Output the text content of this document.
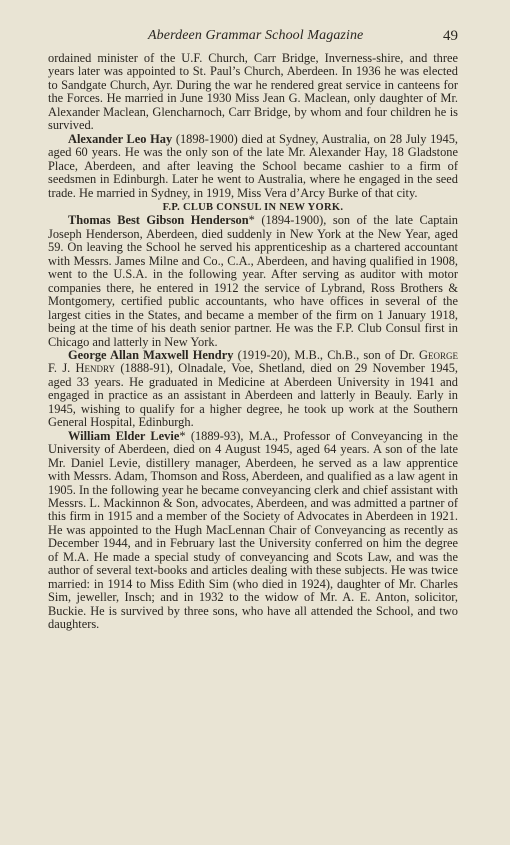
Aberdeen Grammar School Magazine	49

ordained minister of the U.F. Church, Carr Bridge, Inverness-shire, and three years later was appointed to St. Paul’s Church, Aberdeen. In 1936 he was elected to Sandgate Church, Ayr. During the war he rendered great service in canteens for the Forces. He married in June 1930 Miss Jean G. Maclean, only daughter of Mr. Alexander Maclean, Glencharnoch, Carr Bridge, by whom and four children he is survived.

Alexander Leo Hay (1898-1900) died at Sydney, Australia, on 28 July 1945, aged 60 years. He was the only son of the late Mr. Alexander Hay, 18 Gladstone Place, Aberdeen, and after leaving the School became cashier to a firm of seedsmen in Edinburgh. Later he went to Australia, where he engaged in the seed trade. He married in Sydney, in 1919, Miss Vera d’Arcy Burke of that city.

F.P. CLUB CONSUL IN NEW YORK.

Thomas Best Gibson Henderson* (1894-1900), son of the late Captain Joseph Henderson, Aberdeen, died suddenly in New York at the New Year, aged 59. On leaving the School he served his apprenticeship as a chartered accountant with Messrs. James Milne and Co., C.A., Aberdeen, and having qualified in 1908, went to the U.S.A. in the following year. After serving as auditor with motor companies there, he entered in 1912 the service of Lybrand, Ross Brothers & Montgomery, certified public accountants, who have offices in several of the largest cities in the States, and became a member of the firm on 1 January 1918, being at the time of his death senior partner. He was the F.P. Club Consul first in Chicago and latterly in New York.

George Allan Maxwell Hendry (1919-20), M.B., Ch.B., son of Dr. George F. J. Hendry (1888-91), Olnadale, Voe, Shetland, died on 29 November 1945, aged 33 years. He graduated in Medicine at Aberdeen University in 1941 and engaged in practice as an assistant in Aberdeen and latterly in Beauly. Early in 1945, wishing to qualify for a higher degree, he took up work at the Southern General Hospital, Edinburgh.

William Elder Levie* (1889-93), M.A., Professor of Conveyancing in the University of Aberdeen, died on 4 August 1945, aged 64 years. A son of the late Mr. Daniel Levie, distillery manager, Aberdeen, he served as a law apprentice with Messrs. Adam, Thomson and Ross, Aberdeen, and qualified as a law agent in 1905. In the following year he became conveyancing clerk and chief assistant with Messrs. L. Mackinnon & Son, advocates, Aberdeen, and was admitted a partner of this firm in 1915 and a member of the Society of Advocates in Aberdeen in 1921. He was appointed to the Hugh MacLennan Chair of Conveyancing as recently as December 1944, and in February last the University conferred on him the degree of M.A. He made a special study of conveyancing and Scots Law, and was the author of several text-books and articles dealing with these subjects. He was twice married: in 1914 to Miss Edith Sim (who died in 1924), daughter of Mr. Charles Sim, jeweller, Insch; and in 1932 to the widow of Mr. A. E. Anton, solicitor, Buckie. He is survived by three sons, who have all attended the School, and two daughters.
